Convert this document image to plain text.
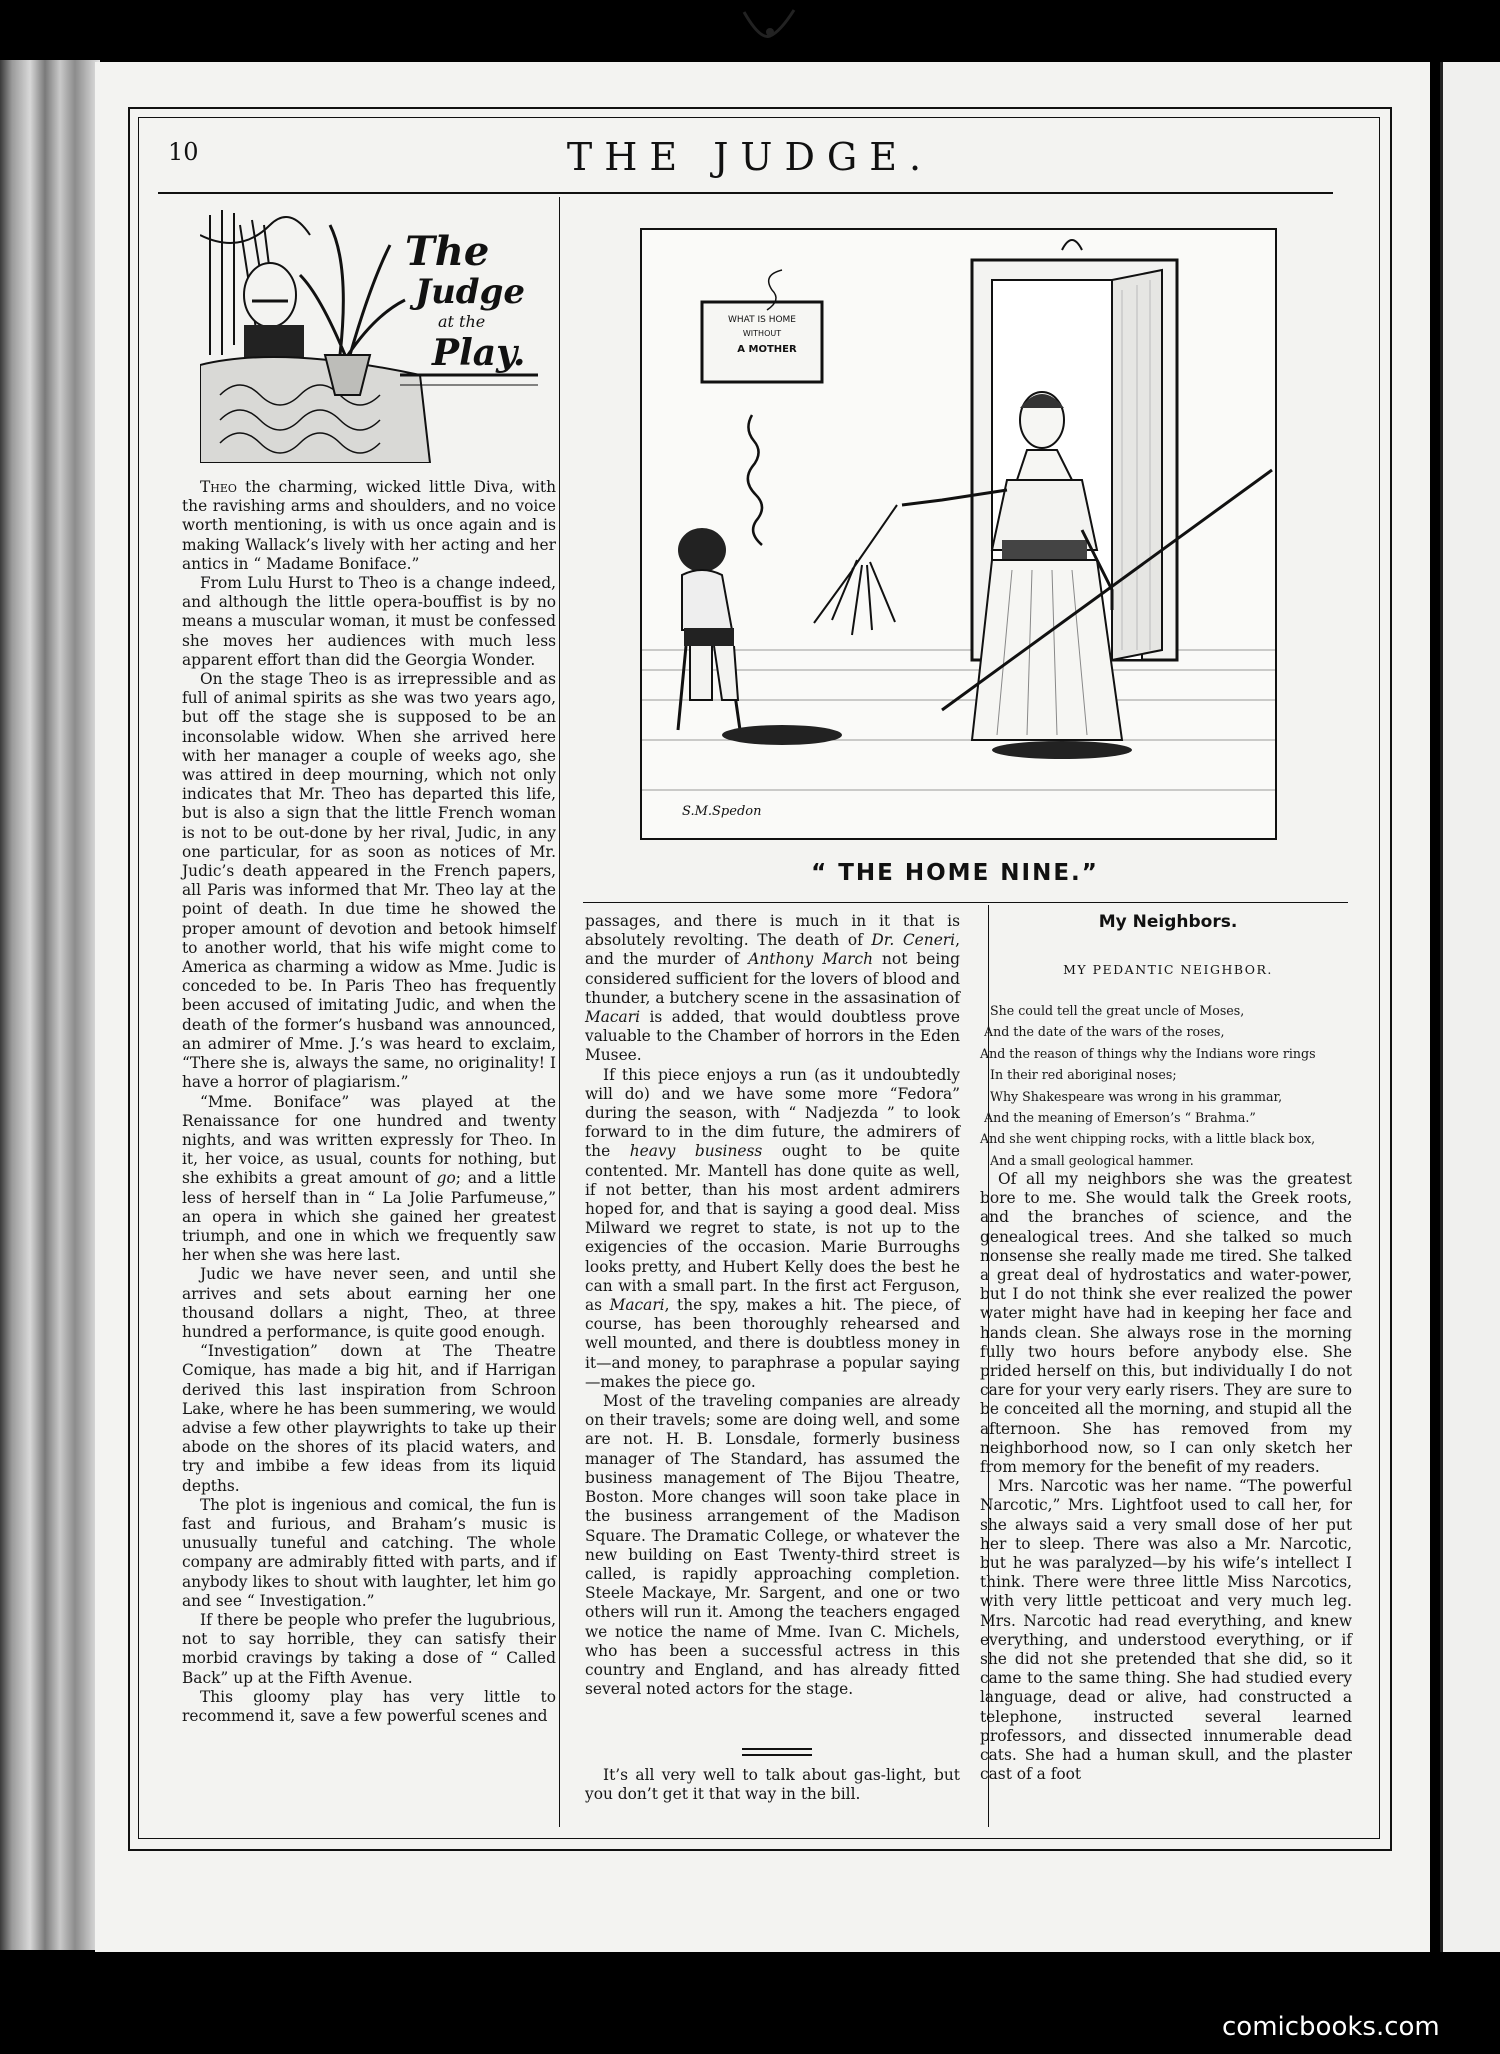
10	THE JUDGE.
The
Judge
at the
Play.

Theo the charming, wicked little Diva, with the ravishing arms and shoulders, and no voice worth mentioning, is with us once again and is making Wallack’s lively with her acting and her antics in “ Madame Boniface.”

From Lulu Hurst to Theo is a change indeed, and although the little opera-bouffist is by no means a muscular woman, it must be confessed she moves her audiences with much less apparent effort than did the Georgia Wonder.

On the stage Theo is as irrepressible and as full of animal spirits as she was two years ago, but off the stage she is supposed to be an inconsolable widow. When she arrived here with her manager a couple of weeks ago, she was attired in deep mourning, which not only indicates that Mr. Theo has departed this life, but is also a sign that the little French woman is not to be out-done by her rival, Judic, in any one particular, for as soon as notices of Mr. Judic’s death appeared in the French papers, all Paris was informed that Mr. Theo lay at the point of death. In due time he showed the proper amount of devotion and betook himself to another world, that his wife might come to America as charming a widow as Mme. Judic is conceded to be. In Paris Theo has frequently been accused of imitating Judic, and when the death of the former’s husband was announced, an admirer of Mme. J.’s was heard to exclaim, “There she is, always the same, no originality! I have a horror of plagiarism.”

“Mme. Boniface” was played at the Renaissance for one hundred and twenty nights, and was written expressly for Theo. In it, her voice, as usual, counts for nothing, but she exhibits a great amount of go; and a little less of herself than in “ La Jolie Parfumeuse,” an opera in which she gained her greatest triumph, and one in which we frequently saw her when she was here last.

Judic we have never seen, and until she arrives and sets about earning her one thousand dollars a night, Theo, at three hundred a performance, is quite good enough.

“Investigation” down at The Theatre Comique, has made a big hit, and if Harrigan derived this last inspiration from Schroon Lake, where he has been summering, we would advise a few other playwrights to take up their abode on the shores of its placid waters, and try and imbibe a few ideas from its liquid depths.

The plot is ingenious and comical, the fun is fast and furious, and Braham’s music is unusually tuneful and catching. The whole company are admirably fitted with parts, and if anybody likes to shout with laughter, let him go and see “ Investigation.”

If there be people who prefer the lugubrious, not to say horrible, they can satisfy their morbid cravings by taking a dose of “ Called Back” up at the Fifth Avenue.

This gloomy play has very little to recommend it, save a few powerful scenes and

WHAT IS HOME
WITHOUT
A MOTHER
S.M.Spedon
“ THE HOME NINE.”

passages, and there is much in it that is absolutely revolting. The death of Dr. Ceneri, and the murder of Anthony March not being considered sufficient for the lovers of blood and thunder, a butchery scene in the assasination of Macari is added, that would doubtless prove valuable to the Chamber of horrors in the Eden Musee.

If this piece enjoys a run (as it undoubtedly will do) and we have some more “Fedora” during the season, with “ Nadjezda ” to look forward to in the dim future, the admirers of the heavy business ought to be quite contented. Mr. Mantell has done quite as well, if not better, than his most ardent admirers hoped for, and that is saying a good deal. Miss Milward we regret to state, is not up to the exigencies of the occasion. Marie Burroughs looks pretty, and Hubert Kelly does the best he can with a small part. In the first act Ferguson, as Macari, the spy, makes a hit. The piece, of course, has been thoroughly rehearsed and well mounted, and there is doubtless money in it—and money, to paraphrase a popular saying—makes the piece go.

Most of the traveling companies are already on their travels; some are doing well, and some are not. H. B. Lonsdale, formerly business manager of The Standard, has assumed the business management of The Bijou Theatre, Boston. More changes will soon take place in the business arrangement of the Madison Square. The Dramatic College, or whatever the new building on East Twenty-third street is called, is rapidly approaching completion. Steele Mackaye, Mr. Sargent, and one or two others will run it. Among the teachers engaged we notice the name of Mme. Ivan C. Michels, who has been a successful actress in this country and England, and has already fitted several noted actors for the stage.

It’s all very well to talk about gas-light, but you don’t get it that way in the bill.

My Neighbors.
MY PEDANTIC NEIGHBOR.
She could tell the great uncle of Moses,
And the date of the wars of the roses,
And the reason of things why the Indians wore rings
In their red aboriginal noses;
Why Shakespeare was wrong in his grammar,
And the meaning of Emerson’s “ Brahma.”
And she went chipping rocks, with a little black box,
And a small geological hammer.

Of all my neighbors she was the greatest bore to me. She would talk the Greek roots, and the branches of science, and the genealogical trees. And she talked so much nonsense she really made me tired. She talked a great deal of hydrostatics and water-power, but I do not think she ever realized the power water might have had in keeping her face and hands clean. She always rose in the morning fully two hours before anybody else. She prided herself on this, but individually I do not care for your very early risers. They are sure to be conceited all the morning, and stupid all the afternoon. She has removed from my neighborhood now, so I can only sketch her from memory for the benefit of my readers.

Mrs. Narcotic was her name. “The powerful Narcotic,” Mrs. Lightfoot used to call her, for she always said a very small dose of her put her to sleep. There was also a Mr. Narcotic, but he was paralyzed—by his wife’s intellect I think. There were three little Miss Narcotics, with very little petticoat and very much leg. Mrs. Narcotic had read everything, and knew everything, and understood everything, or if she did not she pretended that she did, so it came to the same thing. She had studied every language, dead or alive, had constructed a telephone, instructed several learned professors, and dissected innumerable dead cats. She had a human skull, and the plaster cast of a foot

comicbooks.com
